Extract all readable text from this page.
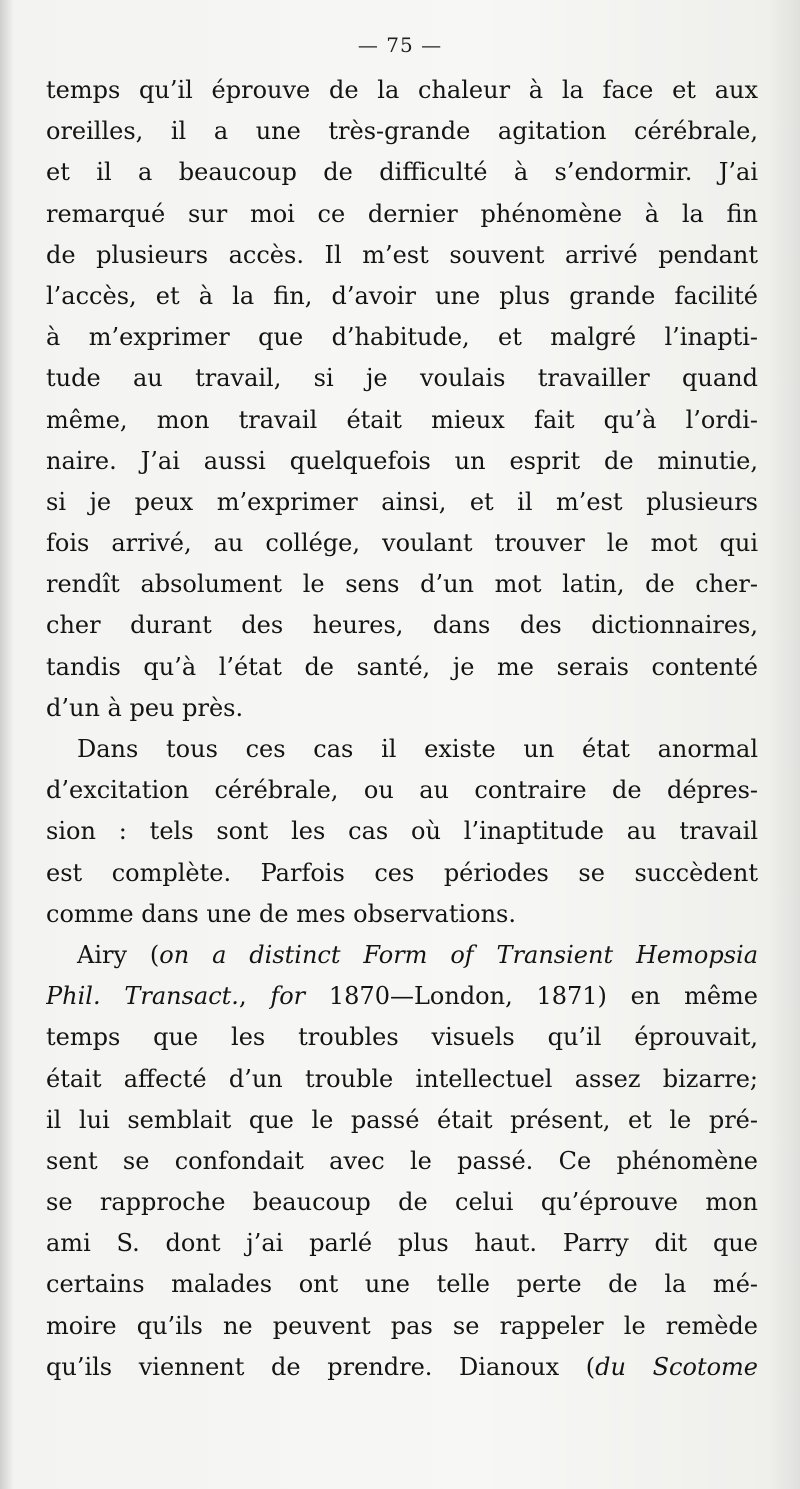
— 75 —
temps qu’il éprouve de la chaleur à la face et aux
oreilles, il a une très-grande agitation cérébrale,
et il a beaucoup de difficulté à s’endormir. J’ai
remarqué sur moi ce dernier phénomène à la fin
de plusieurs accès. Il m’est souvent arrivé pendant
l’accès, et à la fin, d’avoir une plus grande facilité
à m’exprimer que d’habitude, et malgré l’inapti-
tude au travail, si je voulais travailler quand
même, mon travail était mieux fait qu’à l’ordi-
naire. J’ai aussi quelquefois un esprit de minutie,
si je peux m’exprimer ainsi, et il m’est plusieurs
fois arrivé, au collége, voulant trouver le mot qui
rendît absolument le sens d’un mot latin, de cher-
cher durant des heures, dans des dictionnaires,
tandis qu’à l’état de santé, je me serais contenté
d’un à peu près.
Dans tous ces cas il existe un état anormal
d’excitation cérébrale, ou au contraire de dépres-
sion : tels sont les cas où l’inaptitude au travail
est complète. Parfois ces périodes se succèdent
comme dans une de mes observations.
Airy (on a distinct Form of Transient Hemopsia
Phil. Transact., for 1870—London, 1871) en même
temps que les troubles visuels qu’il éprouvait,
était affecté d’un trouble intellectuel assez bizarre;
il lui semblait que le passé était présent, et le pré-
sent se confondait avec le passé. Ce phénomène
se rapproche beaucoup de celui qu’éprouve mon
ami S. dont j’ai parlé plus haut. Parry dit que
certains malades ont une telle perte de la mé-
moire qu’ils ne peuvent pas se rappeler le remède
qu’ils viennent de prendre. Dianoux (du Scotome
